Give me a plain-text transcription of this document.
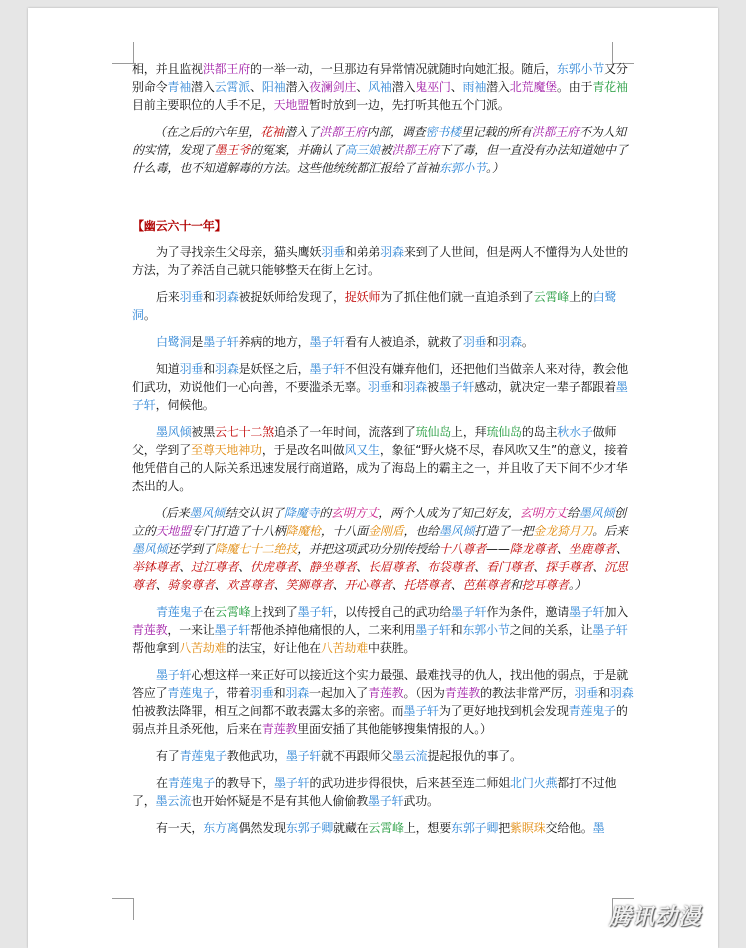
相，并且监视洪都王府的一举一动，一旦那边有异常情况就随时向她汇报。随后，东郭小节又分别命令青袖潜入云霄派、阳袖潜入夜澜剑庄、风袖潜入鬼巫门、雨袖潜入北荒魔堡。由于青花袖目前主要职位的人手不足，天地盟暂时放到一边，先打听其他五个门派。

（在之后的六年里，花袖潜入了洪都王府内部，调查密书楼里记载的所有洪都王府不为人知的实情，发现了墨王爷的冤案，并确认了高三娘被洪都王府下了毒，但一直没有办法知道她中了什么毒，也不知道解毒的方法。这些他统统都汇报给了首袖东郭小节。）

【幽云六十一年】

为了寻找亲生父母亲，猫头鹰妖羽垂和弟弟羽森来到了人世间，但是两人不懂得为人处世的方法，为了养活自己就只能够整天在街上乞讨。

后来羽垂和羽森被捉妖师给发现了，捉妖师为了抓住他们就一直追杀到了云霄峰上的白鹭洞。

白鹭洞是墨子轩养病的地方，墨子轩看有人被追杀，就救了羽垂和羽森。

知道羽垂和羽森是妖怪之后，墨子轩不但没有嫌弃他们，还把他们当做亲人来对待，教会他们武功，劝说他们一心向善，不要滥杀无辜。羽垂和羽森被墨子轩感动，就决定一辈子都跟着墨子轩，伺候他。

墨风倾被黑云七十二煞追杀了一年时间，流落到了琉仙岛上，拜琉仙岛的岛主秋水子做师父，学到了至尊天地神功，于是改名叫做风又生，象征“野火烧不尽，春风吹又生”的意义，接着他凭借自己的人际关系迅速发展行商道路，成为了海岛上的霸主之一，并且收了天下间不少才华杰出的人。

（后来墨风倾结交认识了降魔寺的玄明方丈，两个人成为了知己好友，玄明方丈给墨风倾创立的天地盟专门打造了十八柄降魔枪，十八面金刚盾，也给墨风倾打造了一把金龙猗月刀。后来墨风倾还学到了降魔七十二绝技，并把这项武功分别传授给十八尊者——降龙尊者、坐鹿尊者、举钵尊者、过江尊者、伏虎尊者、静坐尊者、长眉尊者、布袋尊者、看门尊者、探手尊者、沉思尊者、骑象尊者、欢喜尊者、笑狮尊者、开心尊者、托塔尊者、芭蕉尊者和挖耳尊者。）

青莲鬼子在云霄峰上找到了墨子轩，以传授自己的武功给墨子轩作为条件，邀请墨子轩加入青莲教，一来让墨子轩帮他杀掉他痛恨的人，二来利用墨子轩和东郭小节之间的关系，让墨子轩帮他拿到八苦劫难的法宝，好让他在八苦劫难中获胜。

墨子轩心想这样一来正好可以接近这个实力最强、最难找寻的仇人，找出他的弱点，于是就答应了青莲鬼子，带着羽垂和羽森一起加入了青莲教。（因为青莲教的教法非常严厉，羽垂和羽森怕被教法降罪，相互之间都不敢表露太多的亲密。而墨子轩为了更好地找到机会发现青莲鬼子的弱点并且杀死他，后来在青莲教里面安插了其他能够搜集情报的人。）

有了青莲鬼子教他武功，墨子轩就不再跟师父墨云流提起报仇的事了。

在青莲鬼子的教导下，墨子轩的武功进步得很快，后来甚至连二师姐北门火燕都打不过他了，墨云流也开始怀疑是不是有其他人偷偷教墨子轩武功。

有一天，东方离偶然发现东郭子卿就藏在云霄峰上，想要东郭子卿把紫瞑珠交给他。墨

腾讯动漫
